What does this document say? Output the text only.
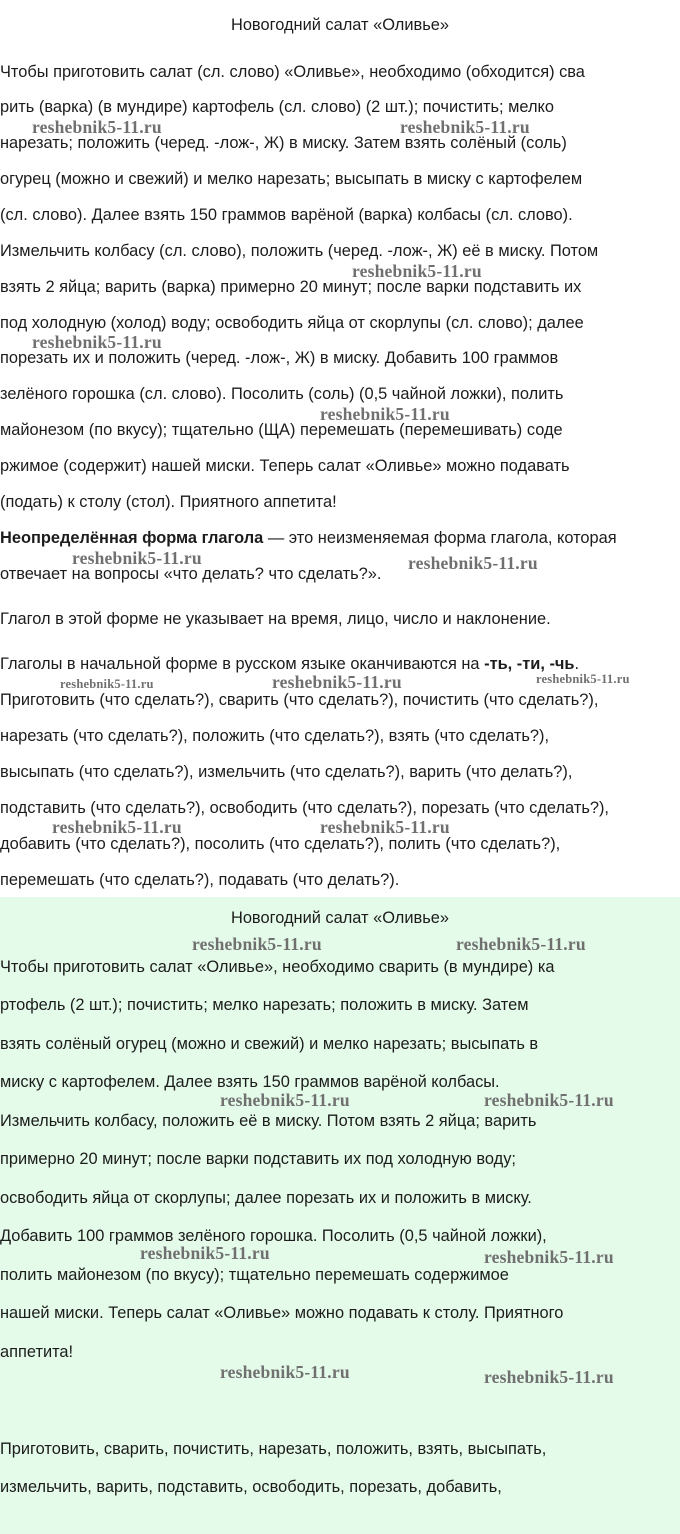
Новогодний салат «Оливье»
Чтобы приготовить салат (сл. слово) «Оливье», необходимо (обходится) сва
рить (варка) (в мундире) картофель (сл. слово) (2 шт.); почистить; мелко
нарезать; положить (черед. -лож-, Ж) в миску. Затем взять солёный (соль)
огурец (можно и свежий) и мелко нарезать; высыпать в миску с картофелем
(сл. слово). Далее взять 150 граммов варёной (варка) колбасы (сл. слово).
Измельчить колбасу (сл. слово), положить (черед. -лож-, Ж) её в миску. Потом
взять 2 яйца; варить (варка) примерно 20 минут; после варки подставить их
под холодную (холод) воду; освободить яйца от скорлупы (сл. слово); далее
порезать их и положить (черед. -лож-, Ж) в миску. Добавить 100 граммов
зелёного горошка (сл. слово). Посолить (соль) (0,5 чайной ложки), полить
майонезом (по вкусу); тщательно (ЩА) перемешать (перемешивать) соде
ржимое (содержит) нашей миски. Теперь салат «Оливье» можно подавать
(подать) к столу (стол). Приятного аппетита!
Неопределённая форма глагола — это неизменяемая форма глагола, которая
отвечает на вопросы «что делать? что сделать?».
Глагол в этой форме не указывает на время, лицо, число и наклонение.
Глаголы в начальной форме в русском языке оканчиваются на -ть, -ти, -чь.
Приготовить (что сделать?), сварить (что сделать?), почистить (что сделать?),
нарезать (что сделать?), положить (что сделать?), взять (что сделать?),
высыпать (что сделать?), измельчить (что сделать?), варить (что делать?),
подставить (что сделать?), освободить (что сделать?), порезать (что сделать?),
добавить (что сделать?), посолить (что сделать?), полить (что сделать?),
перемешать (что сделать?), подавать (что делать?).
reshebnik5-11.ru	reshebnik5-11.ru
reshebnik5-11.ru
reshebnik5-11.ru
reshebnik5-11.ru
reshebnik5-11.ru	reshebnik5-11.ru
reshebnik5-11.ru	reshebnik5-11.ru	reshebnik5-11.ru
reshebnik5-11.ru	reshebnik5-11.ru
Новогодний салат «Оливье»
Чтобы приготовить салат «Оливье», необходимо сварить (в мундире) ка
ртофель (2 шт.); почистить; мелко нарезать; положить в миску. Затем
взять солёный огурец (можно и свежий) и мелко нарезать; высыпать в
миску с картофелем. Далее взять 150 граммов варёной колбасы.
Измельчить колбасу, положить её в миску. Потом взять 2 яйца; варить
примерно 20 минут; после варки подставить их под холодную воду;
освободить яйца от скорлупы; далее порезать их и положить в миску.
Добавить 100 граммов зелёного горошка. Посолить (0,5 чайной ложки),
полить майонезом (по вкусу); тщательно перемешать содержимое
нашей миски. Теперь салат «Оливье» можно подавать к столу. Приятного
аппетита!
Приготовить, сварить, почистить, нарезать, положить, взять, высыпать,
измельчить, варить, подставить, освободить, порезать, добавить,
reshebnik5-11.ru	reshebnik5-11.ru
reshebnik5-11.ru	reshebnik5-11.ru
reshebnik5-11.ru	reshebnik5-11.ru
reshebnik5-11.ru	reshebnik5-11.ru
